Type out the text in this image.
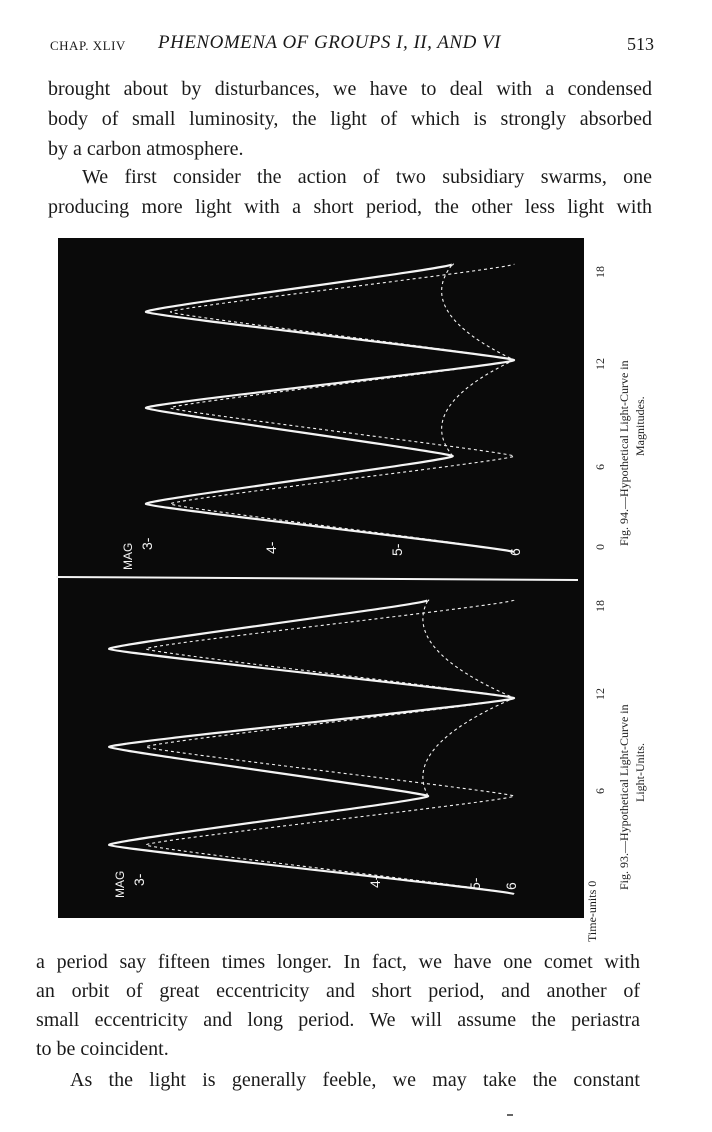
CHAP. XLIV PHENOMENA OF GROUPS I, II, AND VI	513
brought about by disturbances, we have to deal with a condensed
body of small luminosity, the light of which is strongly absorbed
by a carbon atmosphere.
We first consider the action of two subsidiary swarms, one
producing more light with a short period, the other less light with
MAG 3-	4-	5-	6
0
6
12
18
Fig. 94.—Hypothetical Light-Curve in Magnitudes.
MAG 3-	4-	5- 6
6
12
18
Fig. 93.—Hypothetical Light-Curve in Light-Units.
Time-units 0
a period say fifteen times longer. In fact, we have one comet with
an orbit of great eccentricity and short period, and another of
small eccentricity and long period. We will assume the periastra
to be coincident.
As the light is generally feeble, we may take the constant
